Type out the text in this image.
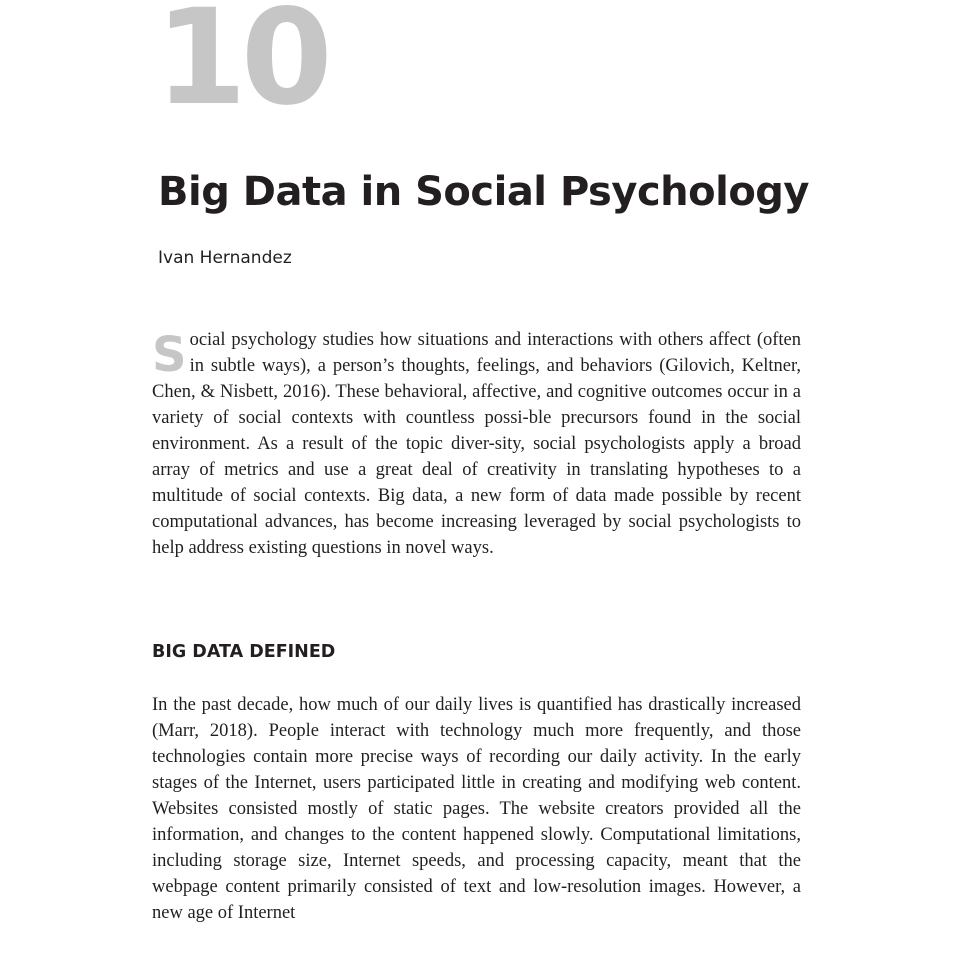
10
Big Data in Social Psychology
Ivan Hernandez

Social psychology studies how situations and interactions with others affect (often in subtle ways), a person’s thoughts, feelings, and behaviors (Gilovich, Keltner, Chen, & Nisbett, 2016). These behavioral, affective, and cognitive outcomes occur in a variety of social contexts with countless possi-ble precursors found in the social environment. As a result of the topic diver-sity, social psychologists apply a broad array of metrics and use a great deal of creativity in translating hypotheses to a multitude of social contexts. Big data, a new form of data made possible by recent computational advances, has become increasing leveraged by social psychologists to help address existing questions in novel ways.

BIG DATA DEFINED

In the past decade, how much of our daily lives is quantified has drastically increased (Marr, 2018). People interact with technology much more frequently, and those technologies contain more precise ways of recording our daily activity. In the early stages of the Internet, users participated little in creating and modifying web content. Websites consisted mostly of static pages. The website creators provided all the information, and changes to the content happened slowly. Computational limitations, including storage size, Internet speeds, and processing capacity, meant that the webpage content primarily consisted of text and low-resolution images. However, a new age of Internet
